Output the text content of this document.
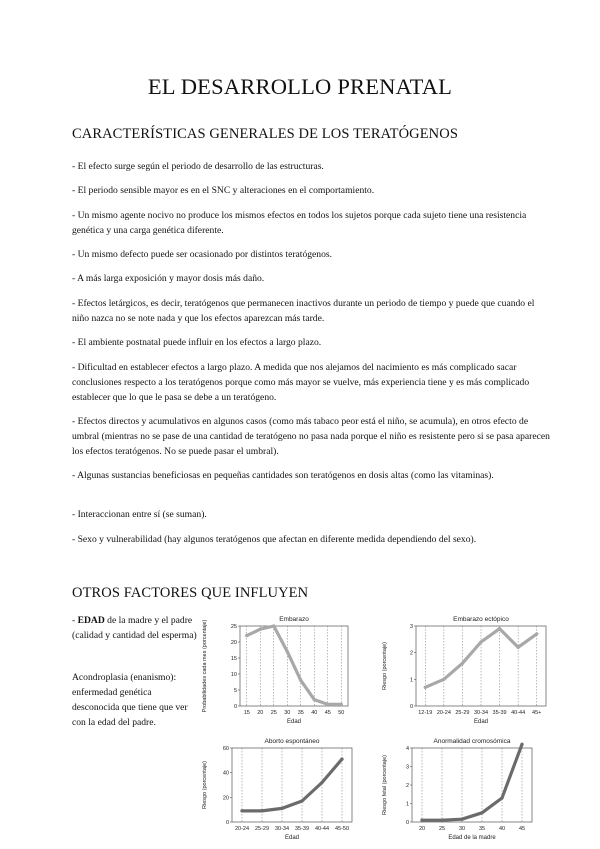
EL DESARROLLO PRENATAL
CARACTERÍSTICAS GENERALES DE LOS TERATÓGENOS
- El efecto surge según el periodo de desarrollo de las estructuras.
- El periodo sensible mayor es en el SNC y alteraciones en el comportamiento.
- Un mismo agente nocivo no produce los mismos efectos en todos los sujetos porque cada sujeto tiene una resistencia genética y una carga genética diferente.
- Un mismo defecto puede ser ocasionado por distintos teratógenos.
- A más larga exposición y mayor dosis más daño.
- Efectos letárgicos, es decir, teratógenos que permanecen inactivos durante un periodo de tiempo y puede que cuando el niño nazca no se note nada y que los efectos aparezcan más tarde.
- El ambiente postnatal puede influir en los efectos a largo plazo.
- Dificultad en establecer efectos a largo plazo. A medida que nos alejamos del nacimiento es más complicado sacar conclusiones respecto a los teratógenos porque como más mayor se vuelve, más experiencia tiene y es más complicado establecer que lo que le pasa se debe a un teratógeno.
- Efectos directos y acumulativos en algunos casos (como más tabaco peor está el niño, se acumula), en otros efecto de umbral (mientras no se pase de una cantidad de teratógeno no pasa nada porque el niño es resistente pero si se pasa aparecen los efectos teratógenos. No se puede pasar el umbral).
- Algunas sustancias beneficiosas en pequeñas cantidades son teratógenos en dosis altas (como las vitaminas).
- Interaccionan entre sí (se suman).
- Sexo y vulnerabilidad (hay algunos teratógenos que afectan en diferente medida dependiendo del sexo).
OTROS FACTORES QUE INFLUYEN
- EDAD de la madre y el padre (calidad y cantidad del esperma)
Acondroplasia (enanismo): enfermedad genética desconocida que tiene que ver con la edad del padre.
Embarazo
0
5
10
15
20
25
15 20 25 30 35 40 45 50
Edad
Probabilidades cada mes (porcentaje)
Embarazo ectópico
0
1
2
3
12-19 20-24 25-29 30-34 35-39 40-44 45+
Edad
Riesgo (porcentaje)
Aborto espontáneo
0
20
40
60
20-24 25-29 30-34 35-39 40-44 45-50
Edad
Riesgo (porcentaje)
Anormalidad cromosómica
0
1
2
3
4
20	25	30	35	40	45
Edad de la madre
Riesgo fetal (porcentaje)
